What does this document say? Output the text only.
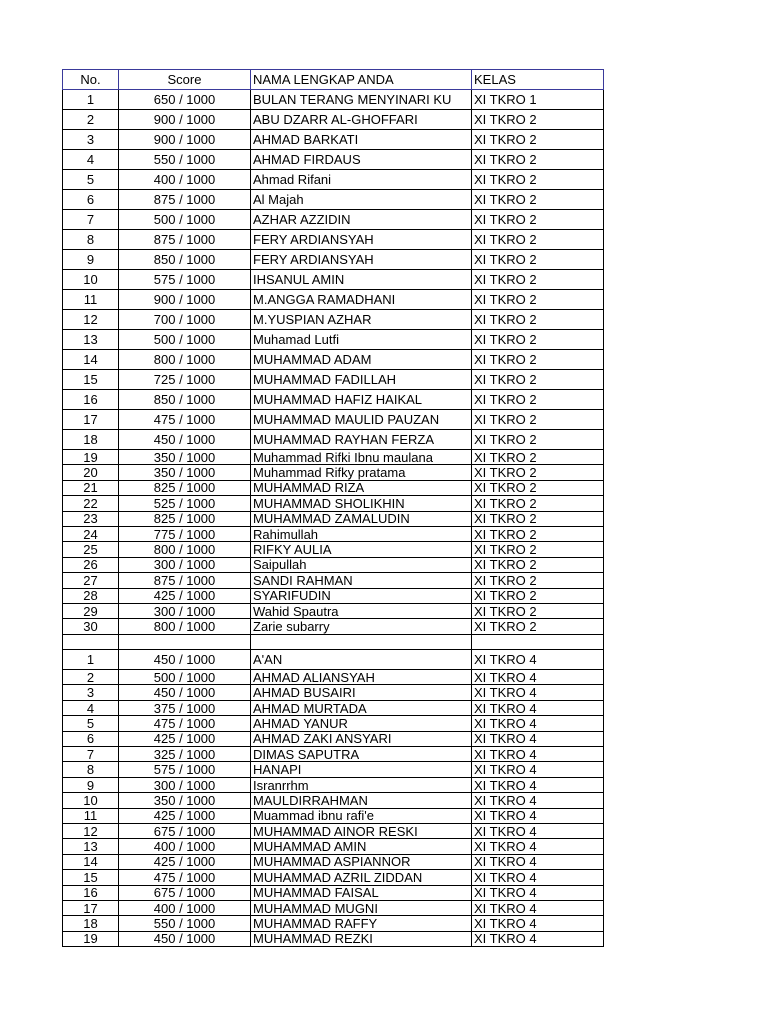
No.	Score	NAMA LENGKAP ANDA	KELAS
1	650 / 1000	BULAN TERANG MENYINARI KU	XI TKRO 1
2	900 / 1000	ABU DZARR AL-GHOFFARI	XI TKRO 2
3	900 / 1000	AHMAD BARKATI	XI TKRO 2
4	550 / 1000	AHMAD FIRDAUS	XI TKRO 2
5	400 / 1000	Ahmad Rifani	XI TKRO 2
6	875 / 1000	Al Majah	XI TKRO 2
7	500 / 1000	AZHAR AZZIDIN	XI TKRO 2
8	875 / 1000	FERY ARDIANSYAH	XI TKRO 2
9	850 / 1000	FERY ARDIANSYAH	XI TKRO 2
10	575 / 1000	IHSANUL AMIN	XI TKRO 2
11	900 / 1000	M.ANGGA RAMADHANI	XI TKRO 2
12	700 / 1000	M.YUSPIAN AZHAR	XI TKRO 2
13	500 / 1000	Muhamad Lutfi	XI TKRO 2
14	800 / 1000	MUHAMMAD ADAM	XI TKRO 2
15	725 / 1000	MUHAMMAD FADILLAH	XI TKRO 2
16	850 / 1000	MUHAMMAD HAFIZ HAIKAL	XI TKRO 2
17	475 / 1000	MUHAMMAD MAULID PAUZAN	XI TKRO 2
18	450 / 1000	MUHAMMAD RAYHAN FERZA	XI TKRO 2
19	350 / 1000	Muhammad Rifki Ibnu maulana	XI TKRO 2
20	350 / 1000	Muhammad Rifky pratama	XI TKRO 2
21	825 / 1000	MUHAMMAD RIZA	XI TKRO 2
22	525 / 1000	MUHAMMAD SHOLIKHIN	XI TKRO 2
23	825 / 1000	MUHAMMAD ZAMALUDIN	XI TKRO 2
24	775 / 1000	Rahimullah	XI TKRO 2
25	800 / 1000	RIFKY AULIA	XI TKRO 2
26	300 / 1000	Saipullah	XI TKRO 2
27	875 / 1000	SANDI RAHMAN	XI TKRO 2
28	425 / 1000	SYARIFUDIN	XI TKRO 2
29	300 / 1000	Wahid Spautra	XI TKRO 2
30	800 / 1000	Zarie subarry	XI TKRO 2

1	450 / 1000	A'AN	XI TKRO 4
2	500 / 1000	AHMAD ALIANSYAH	XI TKRO 4
3	450 / 1000	AHMAD BUSAIRI	XI TKRO 4
4	375 / 1000	AHMAD MURTADA	XI TKRO 4
5	475 / 1000	AHMAD YANUR	XI TKRO 4
6	425 / 1000	AHMAD ZAKI ANSYARI	XI TKRO 4
7	325 / 1000	DIMAS SAPUTRA	XI TKRO 4
8	575 / 1000	HANAPI	XI TKRO 4
9	300 / 1000	Isranrrhm	XI TKRO 4
10	350 / 1000	MAULDIRRAHMAN	XI TKRO 4
11	425 / 1000	Muammad ibnu rafi'e	XI TKRO 4
12	675 / 1000	MUHAMMAD AINOR RESKI	XI TKRO 4
13	400 / 1000	MUHAMMAD AMIN	XI TKRO 4
14	425 / 1000	MUHAMMAD ASPIANNOR	XI TKRO 4
15	475 / 1000	MUHAMMAD AZRIL ZIDDAN	XI TKRO 4
16	675 / 1000	MUHAMMAD FAISAL	XI TKRO 4
17	400 / 1000	MUHAMMAD MUGNI	XI TKRO 4
18	550 / 1000	MUHAMMAD RAFFY	XI TKRO 4
19	450 / 1000	MUHAMMAD REZKI	XI TKRO 4
